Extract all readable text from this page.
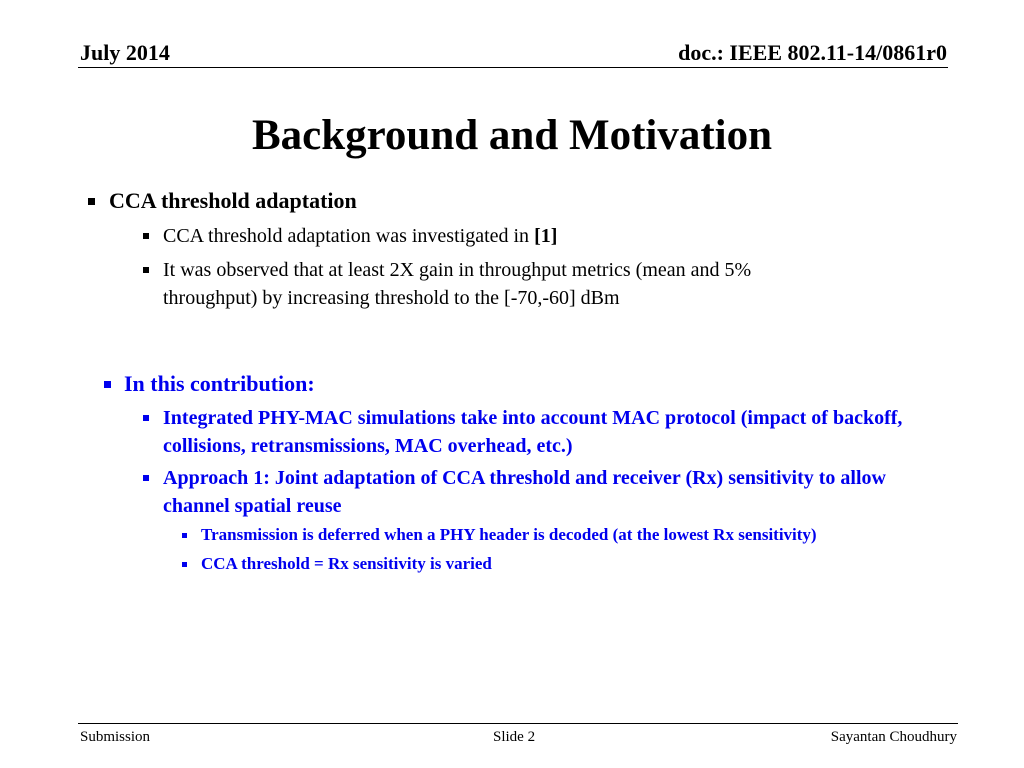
July 2014	doc.: IEEE 802.11-14/0861r0
Background and Motivation
CCA threshold adaptation
CCA threshold adaptation was investigated in [1]
It was observed that at least 2X gain in throughput metrics (mean and 5% throughput) by increasing threshold to the [-70,-60] dBm
In this contribution:
Integrated PHY-MAC simulations take into account MAC protocol (impact of backoff, collisions, retransmissions, MAC overhead, etc.)
Approach 1: Joint adaptation of CCA threshold and receiver (Rx) sensitivity to allow channel spatial reuse
Transmission is deferred when a PHY header is decoded (at the lowest Rx sensitivity)
CCA threshold = Rx sensitivity is varied
Submission	Slide 2	Sayantan Choudhury
